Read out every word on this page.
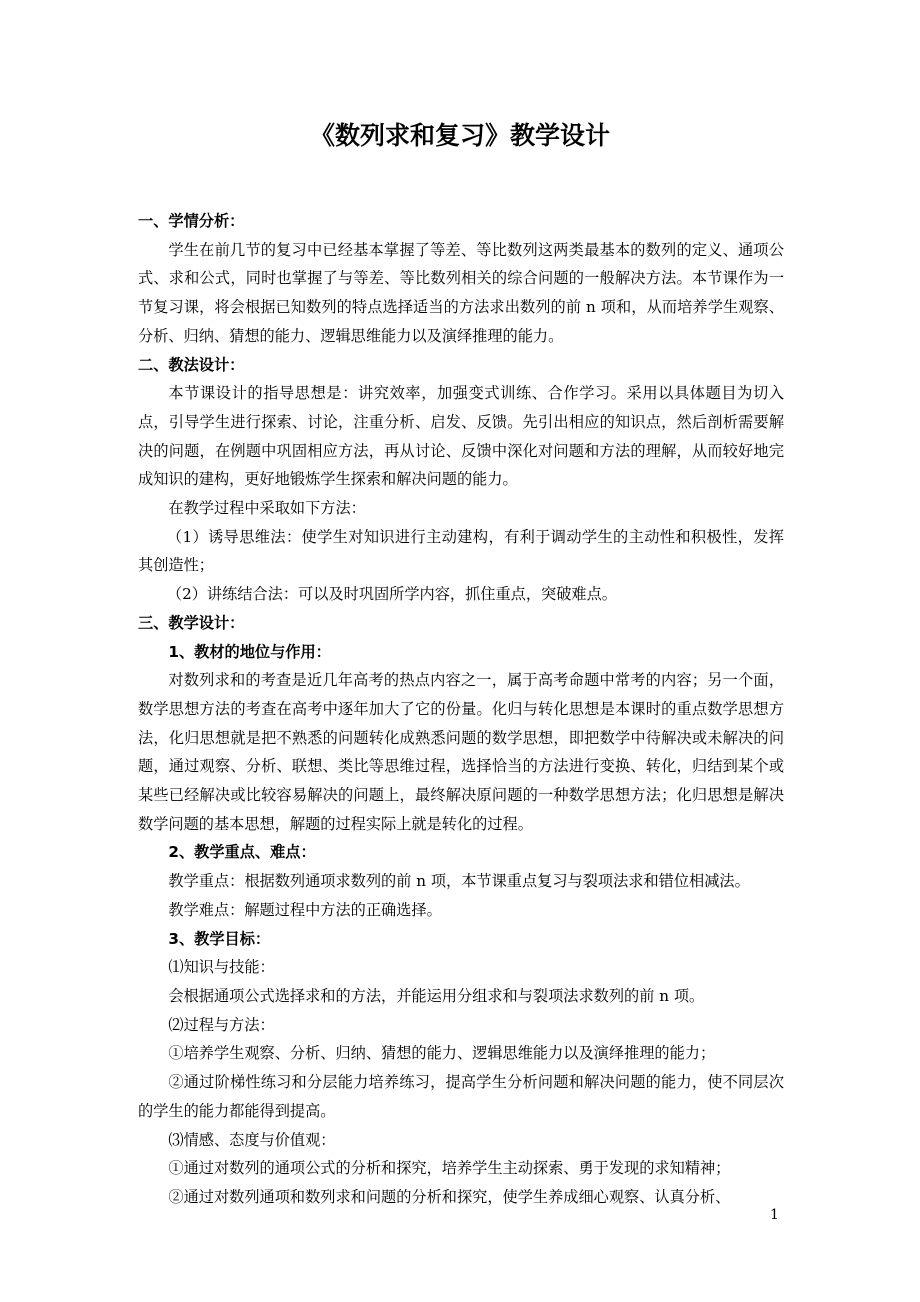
《数列求和复习》教学设计

一、学情分析：

学生在前几节的复习中已经基本掌握了等差、等比数列这两类最基本的数列的定义、通项公式、求和公式，同时也掌握了与等差、等比数列相关的综合问题的一般解决方法。本节课作为一节复习课，将会根据已知数列的特点选择适当的方法求出数列的前 n 项和，从而培养学生观察、分析、归纳、猜想的能力、逻辑思维能力以及演绎推理的能力。

二、教法设计：

本节课设计的指导思想是：讲究效率，加强变式训练、合作学习。采用以具体题目为切入点，引导学生进行探索、讨论，注重分析、启发、反馈。先引出相应的知识点，然后剖析需要解决的问题，在例题中巩固相应方法，再从讨论、反馈中深化对问题和方法的理解，从而较好地完成知识的建构，更好地锻炼学生探索和解决问题的能力。

在教学过程中采取如下方法：

（1）诱导思维法：使学生对知识进行主动建构，有利于调动学生的主动性和积极性，发挥其创造性；

（2）讲练结合法：可以及时巩固所学内容，抓住重点，突破难点。

三、教学设计：

1、教材的地位与作用：

对数列求和的考查是近几年高考的热点内容之一，属于高考命题中常考的内容；另一个面，数学思想方法的考查在高考中逐年加大了它的份量。化归与转化思想是本课时的重点数学思想方法，化归思想就是把不熟悉的问题转化成熟悉问题的数学思想，即把数学中待解决或未解决的问题，通过观察、分析、联想、类比等思维过程，选择恰当的方法进行变换、转化，归结到某个或某些已经解决或比较容易解决的问题上，最终解决原问题的一种数学思想方法；化归思想是解决数学问题的基本思想，解题的过程实际上就是转化的过程。

2、教学重点、难点：

教学重点：根据数列通项求数列的前 n 项，本节课重点复习与裂项法求和错位相减法。

教学难点：解题过程中方法的正确选择。

3、教学目标：

⑴知识与技能：

会根据通项公式选择求和的方法，并能运用分组求和与裂项法求数列的前 n 项。

⑵过程与方法：

①培养学生观察、分析、归纳、猜想的能力、逻辑思维能力以及演绎推理的能力；

②通过阶梯性练习和分层能力培养练习，提高学生分析问题和解决问题的能力，使不同层次的学生的能力都能得到提高。

⑶情感、态度与价值观：

①通过对数列的通项公式的分析和探究，培养学生主动探索、勇于发现的求知精神；

②通过对数列通项和数列求和问题的分析和探究，使学生养成细心观察、认真分析、

1
